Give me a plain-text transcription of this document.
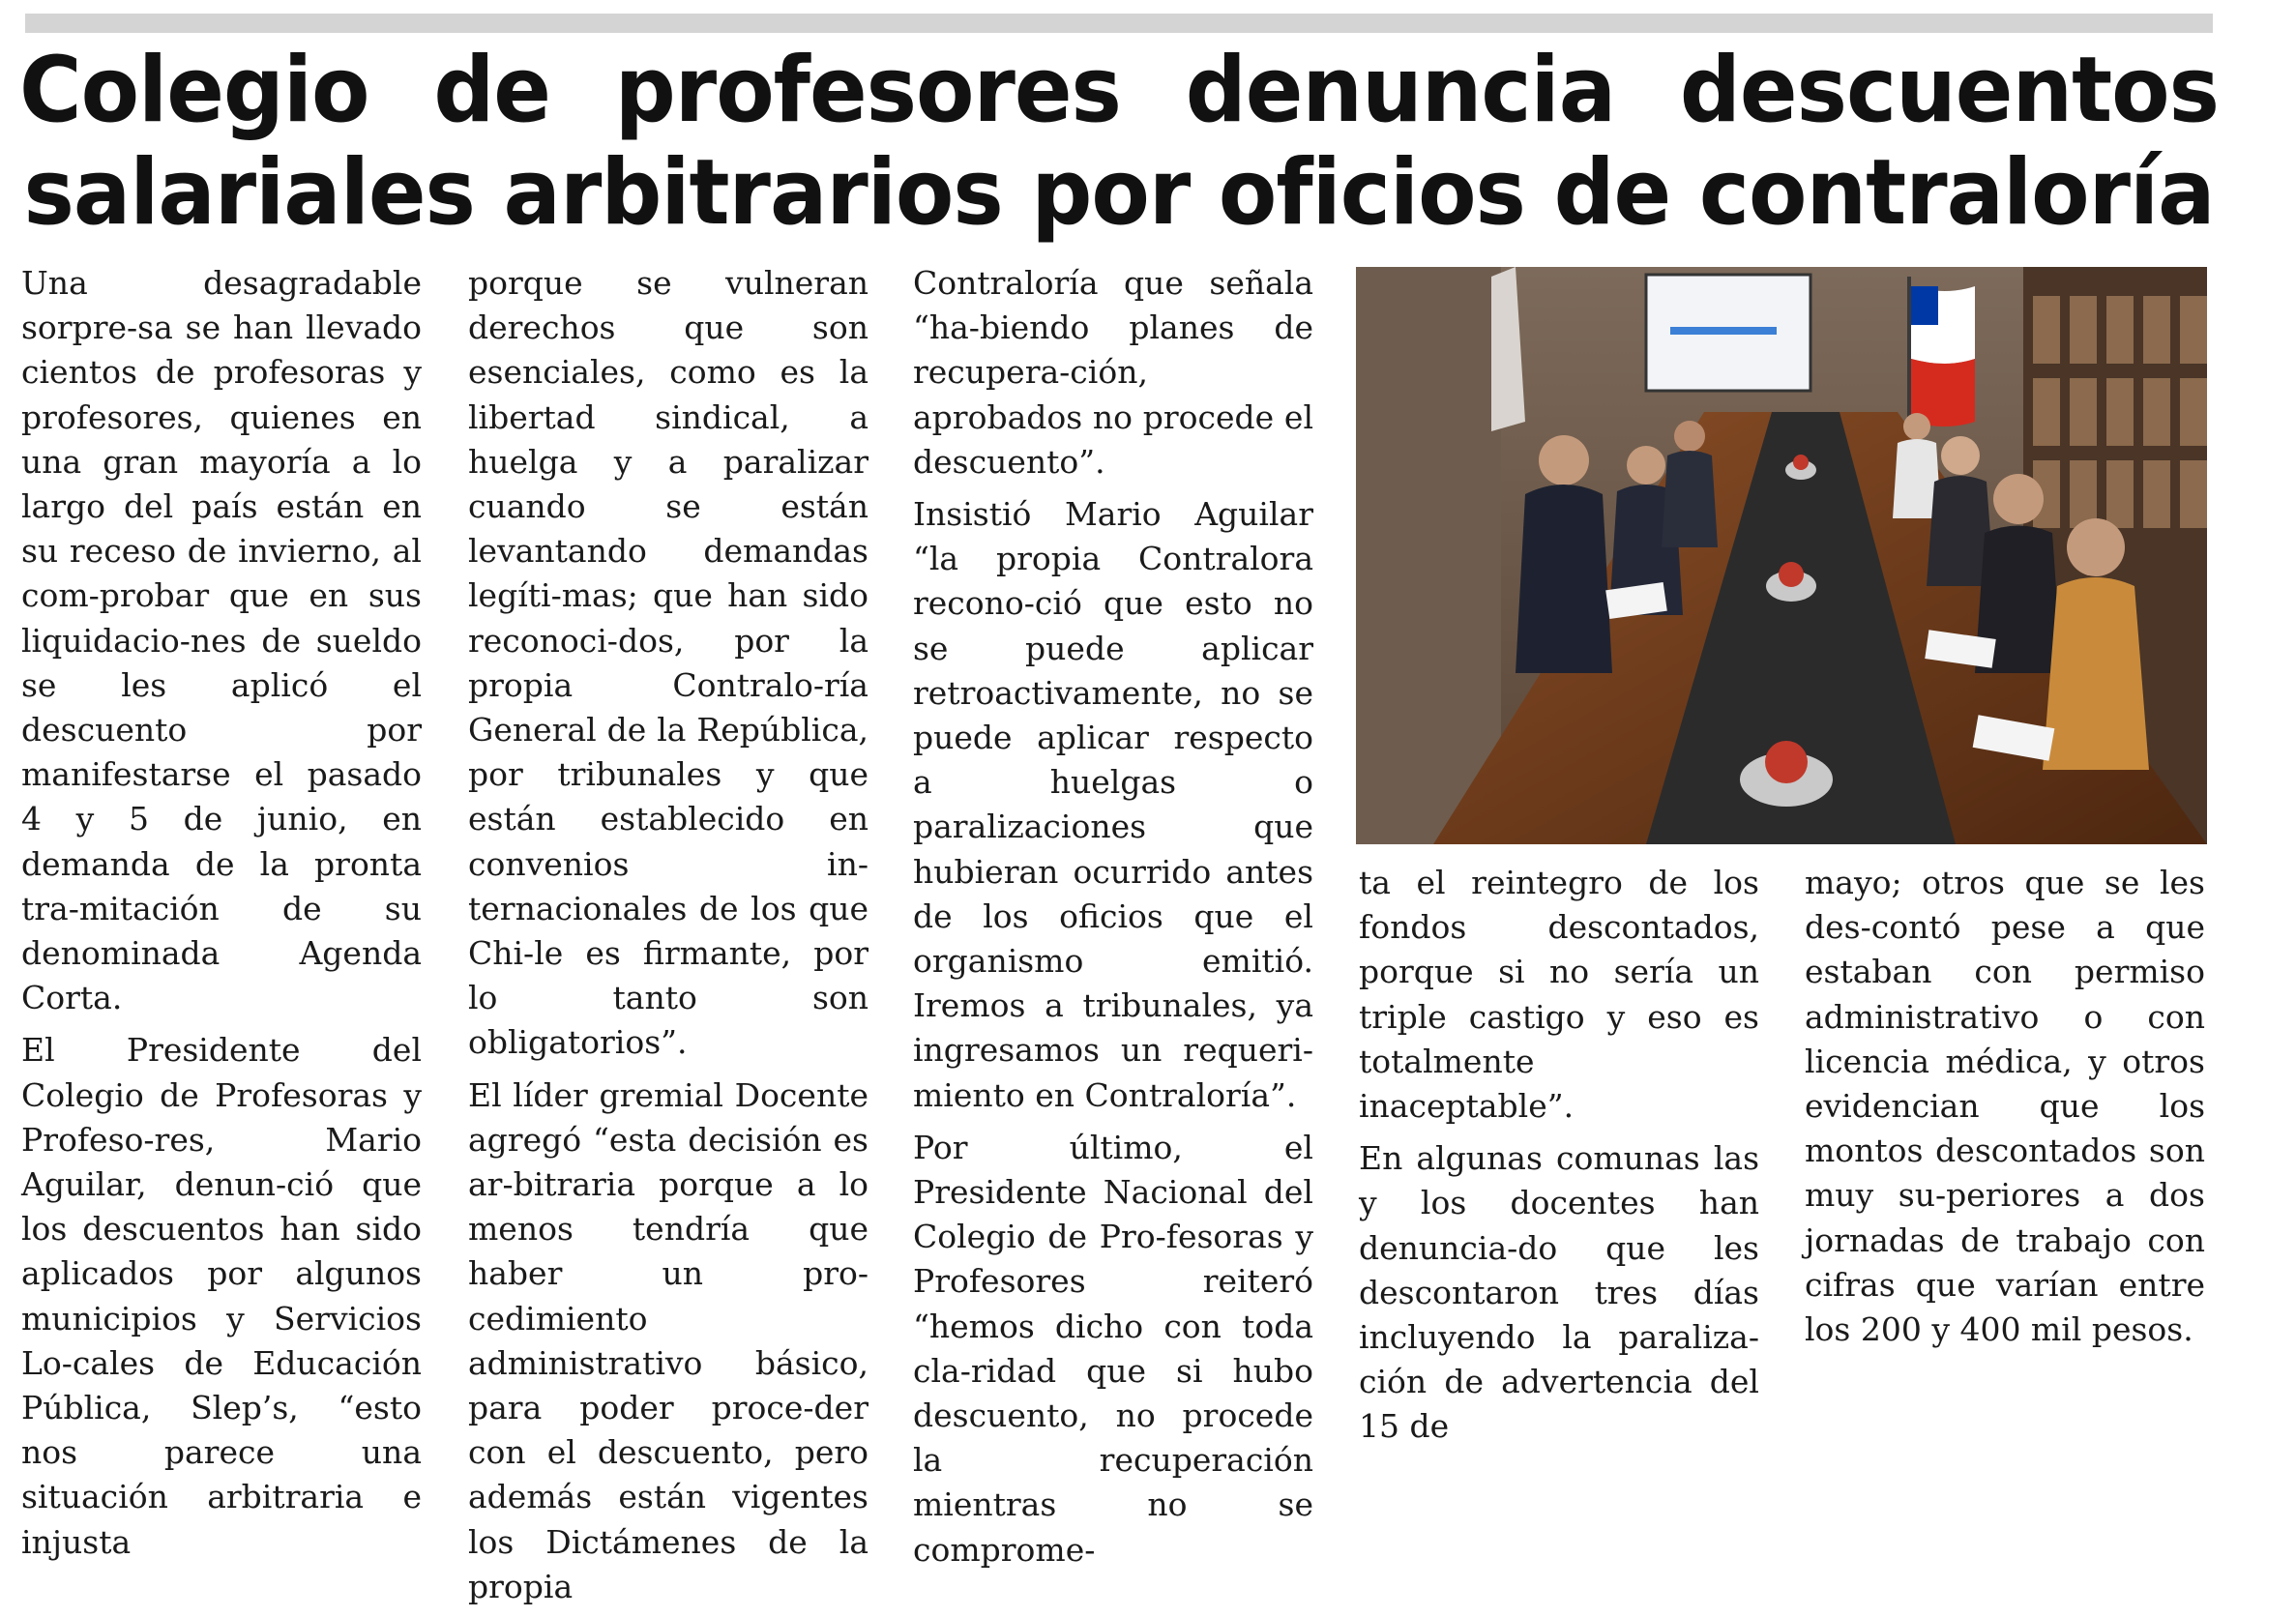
Colegio de profesores denuncia descuentos salariales arbitrarios por oficios de contraloría

Una desagradable sorpre-sa se han llevado cientos de profesoras y profesores, quienes en una gran mayoría a lo largo del país están en su receso de invierno, al com-probar que en sus liquidacio-nes de sueldo se les aplicó el descuento por manifestarse el pasado 4 y 5 de junio, en demanda de la pronta tra-mitación de su denominada Agenda Corta.

El Presidente del Colegio de Profesoras y Profeso-res, Mario Aguilar, denun-ció que los descuentos han sido aplicados por algunos municipios y Servicios Lo-cales de Educación Pública, Slep’s, “esto nos parece una situación arbitraria e injusta

porque se vulneran derechos que son esenciales, como es la libertad sindical, a huelga y a paralizar cuando se están levantando demandas legíti-mas; que han sido reconoci-dos, por la propia Contralo-ría General de la República, por tribunales y que están establecido en convenios in-ternacionales de los que Chi-le es firmante, por lo tanto son obligatorios”.

El líder gremial Docente agregó “esta decisión es ar-bitraria porque a lo menos tendría que haber un pro-cedimiento administrativo básico, para poder proce-der con el descuento, pero además están vigentes los Dictámenes de la propia

Contraloría que señala “ha-biendo planes de recupera-ción, aprobados no procede el descuento”.

Insistió Mario Aguilar “la propia Contralora recono-ció que esto no se puede aplicar retroactivamente, no se puede aplicar respecto a huelgas o paralizaciones que hubieran ocurrido antes de los oficios que el organismo emitió. Iremos a tribunales, ya ingresamos un requeri-miento en Contraloría”.

Por último, el Presidente Nacional del Colegio de Pro-fesoras y Profesores reiteró “hemos dicho con toda cla-ridad que si hubo descuento, no procede la recuperación mientras no se comprome-

ta el reintegro de los fondos descontados, porque si no sería un triple castigo y eso es totalmente inaceptable”.

En algunas comunas las y los docentes han denuncia-do que les descontaron tres días incluyendo la paraliza-ción de advertencia del 15 de

mayo; otros que se les des-contó pese a que estaban con permiso administrativo o con licencia médica, y otros evidencian que los montos descontados son muy su-periores a dos jornadas de trabajo con cifras que varían entre los 200 y 400 mil pesos.
